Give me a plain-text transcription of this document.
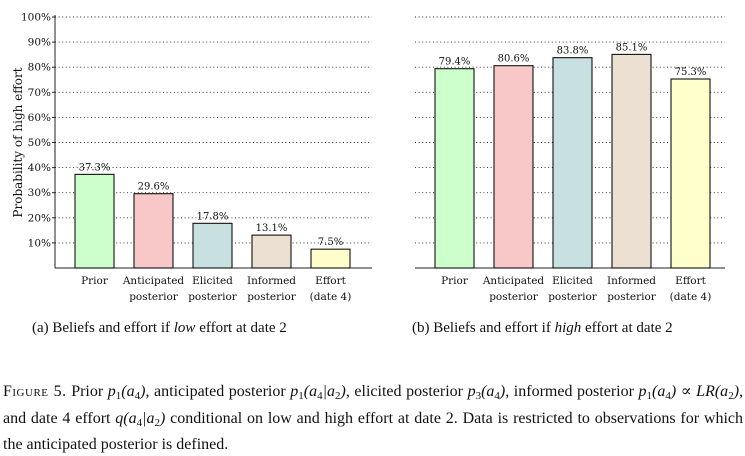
10%
20%
30%
40%
50%
60%
70%
80%
90%
100%
Probability of high effort	37.3%
Prior
29.6%
Anticipated
posterior
17.8%
Elicited
posterior
13.1%
Informed
posterior
7.5%
Effort
(date 4)
79.4%
Prior
80.6%
Anticipated
posterior
83.8%
Elicited
posterior
85.1%
Informed
posterior
75.3%
Effort
(date 4)
(a) Beliefs and effort if low effort at date 2	(b) Beliefs and effort if high effort at date 2
Figure 5. Prior $p_1(a_4)$, anticipated posterior $p_1(a_4|a_2)$, elicited posterior $p_3(a_4)$, informed posterior $p_1(a_4) \propto LR(a_2)$, and date 4 effort $q(a_4|a_2)$ conditional on low and high effort at date 2. Data is restricted to observations for which the anticipated posterior is defined.
